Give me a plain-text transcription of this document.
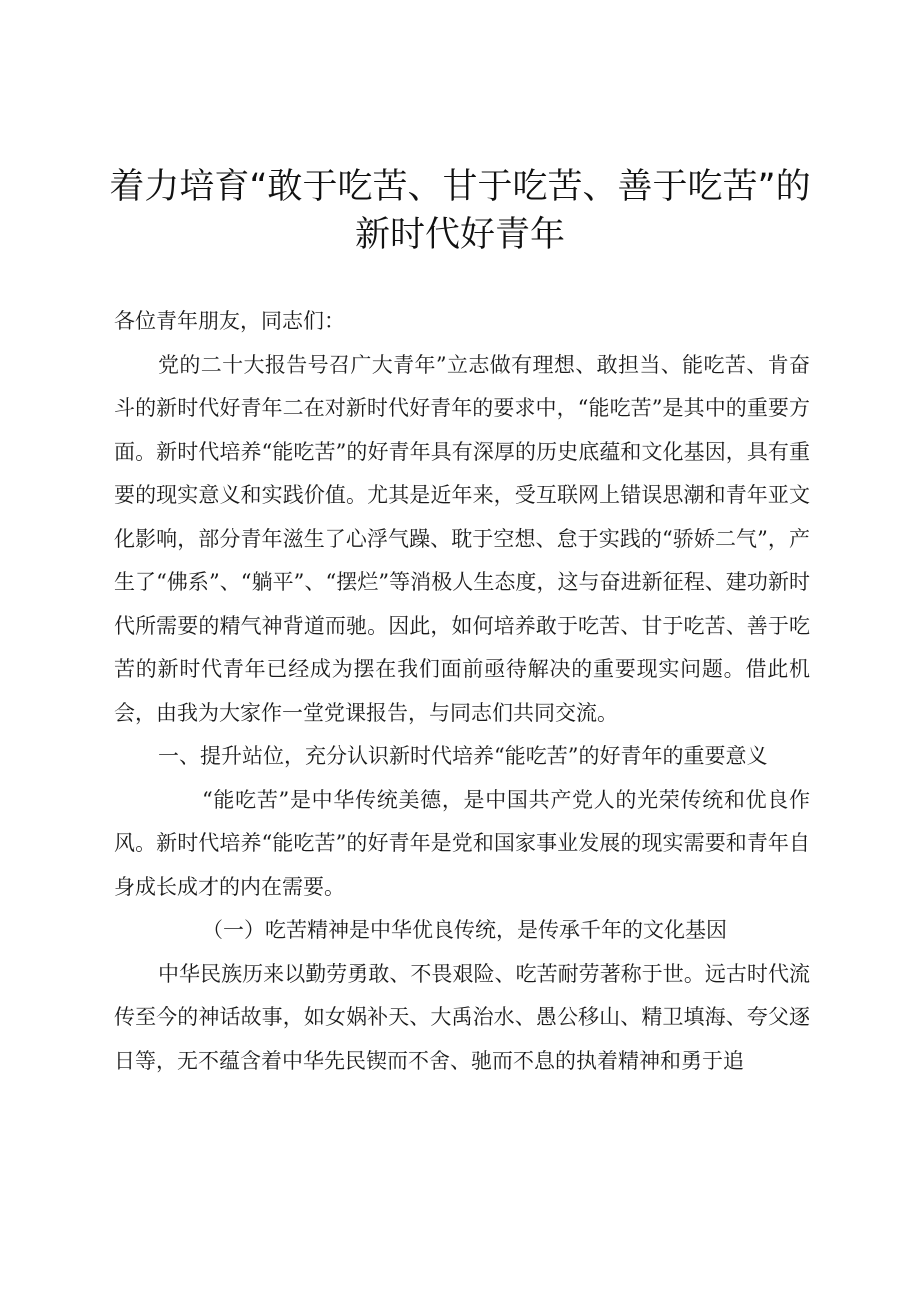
着力培育“敢于吃苦、甘于吃苦、善于吃苦”的
新时代好青年

各位青年朋友，同志们：

党的二十大报告号召广大青年”立志做有理想、敢担当、能吃苦、肯奋斗的新时代好青年二在对新时代好青年的要求中，“能吃苦”是其中的重要方面。新时代培养“能吃苦”的好青年具有深厚的历史底蕴和文化基因，具有重要的现实意义和实践价值。尤其是近年来，受互联网上错误思潮和青年亚文化影响，部分青年滋生了心浮气躁、耽于空想、怠于实践的“骄娇二气”，产生了“佛系”、“躺平”、“摆烂”等消极人生态度，这与奋进新征程、建功新时代所需要的精气神背道而驰。因此，如何培养敢于吃苦、甘于吃苦、善于吃苦的新时代青年已经成为摆在我们面前亟待解决的重要现实问题。借此机会，由我为大家作一堂党课报告，与同志们共同交流。

一、提升站位，充分认识新时代培养“能吃苦”的好青年的重要意义

“能吃苦”是中华传统美德，是中国共产党人的光荣传统和优良作风。新时代培养“能吃苦”的好青年是党和国家事业发展的现实需要和青年自身成长成才的内在需要。

（一）吃苦精神是中华优良传统，是传承千年的文化基因

中华民族历来以勤劳勇敢、不畏艰险、吃苦耐劳著称于世。远古时代流传至今的神话故事，如女娲补天、大禹治水、愚公移山、精卫填海、夸父逐日等，无不蕴含着中华先民锲而不舍、驰而不息的执着精神和勇于追
